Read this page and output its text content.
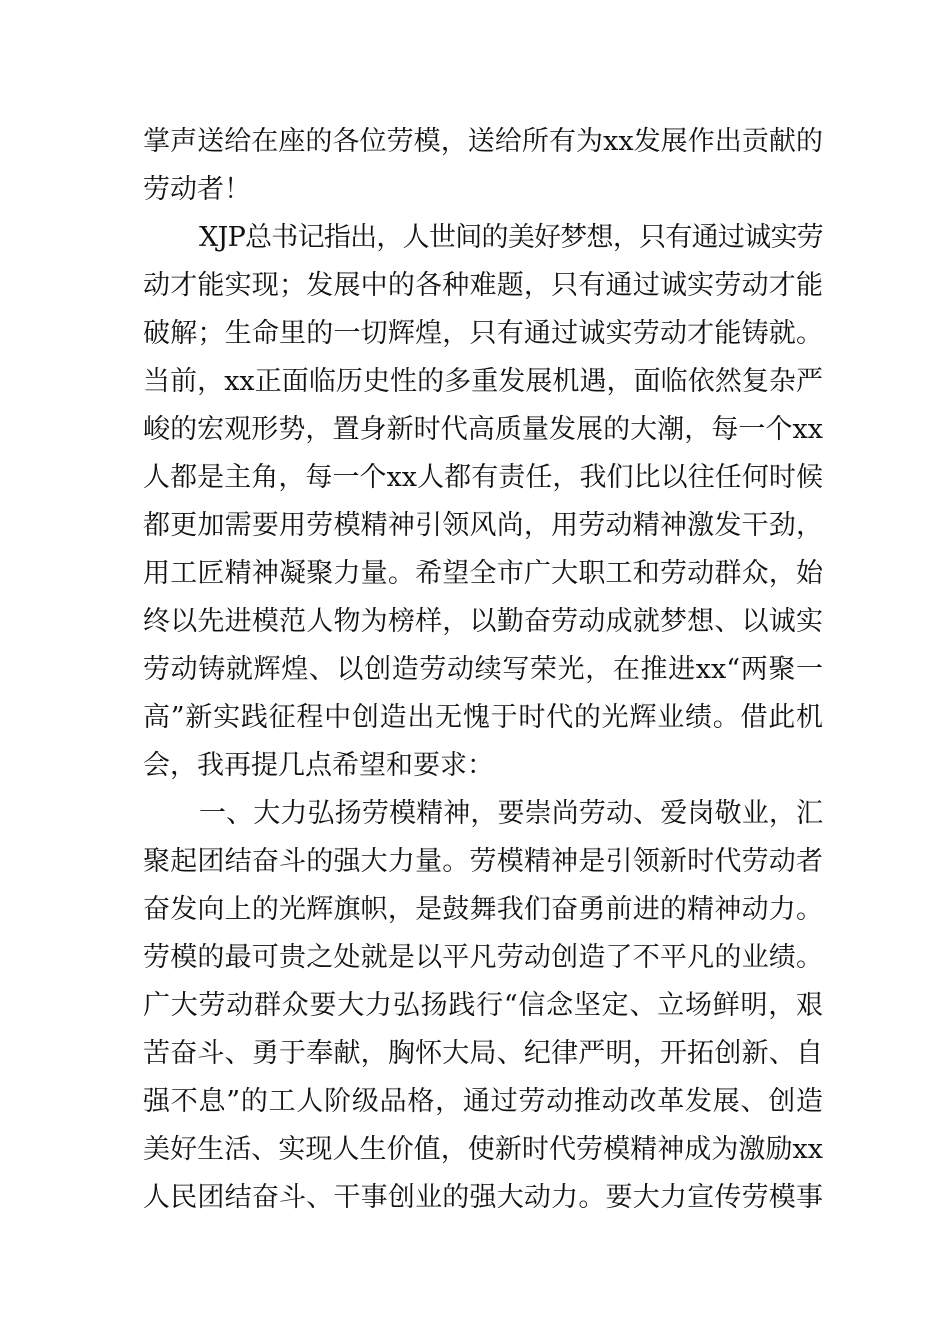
掌声送给在座的各位劳模，送给所有为xx发展作出贡献的
劳动者！
XJP总书记指出，人世间的美好梦想，只有通过诚实劳
动才能实现；发展中的各种难题，只有通过诚实劳动才能
破解；生命里的一切辉煌，只有通过诚实劳动才能铸就。
当前，xx正面临历史性的多重发展机遇，面临依然复杂严
峻的宏观形势，置身新时代高质量发展的大潮，每一个xx
人都是主角，每一个xx人都有责任，我们比以往任何时候
都更加需要用劳模精神引领风尚，用劳动精神激发干劲，
用工匠精神凝聚力量。希望全市广大职工和劳动群众，始
终以先进模范人物为榜样，以勤奋劳动成就梦想、以诚实
劳动铸就辉煌、以创造劳动续写荣光，在推进xx“两聚一
高”新实践征程中创造出无愧于时代的光辉业绩。借此机
会，我再提几点希望和要求：
一、大力弘扬劳模精神，要崇尚劳动、爱岗敬业，汇
聚起团结奋斗的强大力量。劳模精神是引领新时代劳动者
奋发向上的光辉旗帜，是鼓舞我们奋勇前进的精神动力。
劳模的最可贵之处就是以平凡劳动创造了不平凡的业绩。
广大劳动群众要大力弘扬践行“信念坚定、立场鲜明，艰
苦奋斗、勇于奉献，胸怀大局、纪律严明，开拓创新、自
强不息”的工人阶级品格，通过劳动推动改革发展、创造
美好生活、实现人生价值，使新时代劳模精神成为激励xx
人民团结奋斗、干事创业的强大动力。要大力宣传劳模事
